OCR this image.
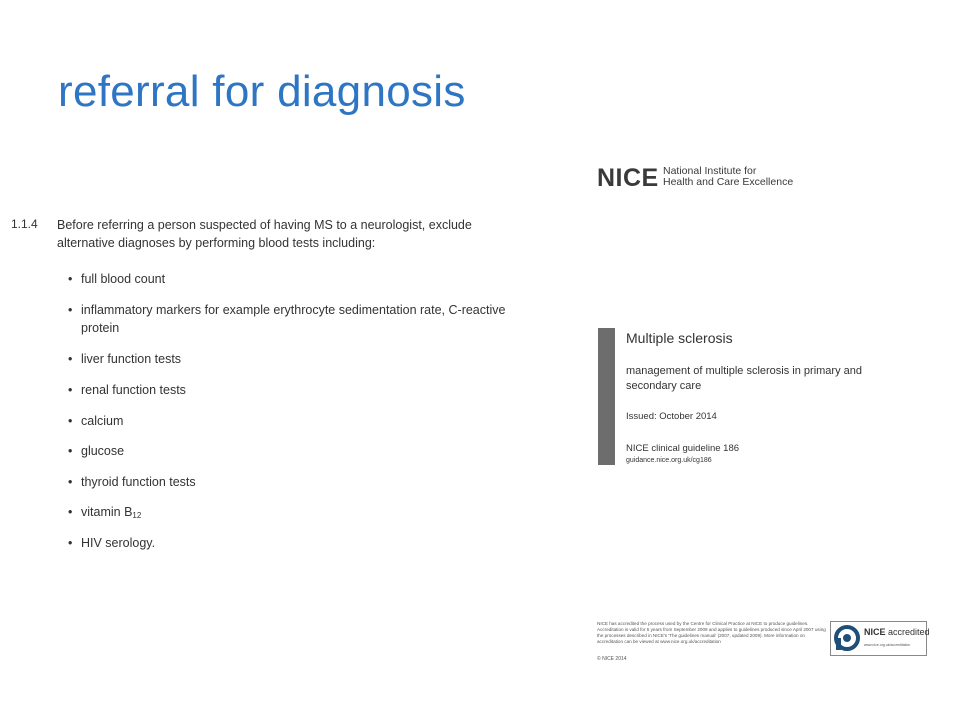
referral for diagnosis
1.1.4 Before referring a person suspected of having MS to a neurologist, exclude alternative diagnoses by performing blood tests including:
• full blood count
• inflammatory markers for example erythrocyte sedimentation rate, C-reactive protein
• liver function tests
• renal function tests
• calcium
• glucose
• thyroid function tests
• vitamin B12
• HIV serology.
NICE National Institute for
Health and Care Excellence
Multiple sclerosis
management of multiple sclerosis in primary and secondary care
Issued: October 2014
NICE clinical guideline 186
guidance.nice.org.uk/cg186
NICE has accredited the process used by the Centre for Clinical Practice at NICE to produce guidelines. Accreditation is valid for 5 years from September 2009 and applies to guidelines produced since April 2007 using the processes described in NICE's 'The guidelines manual' (2007, updated 2009). More information on accreditation can be viewed at www.nice.org.uk/accreditation
© NICE 2014
NICE accredited
www.nice.org.uk/accreditation
